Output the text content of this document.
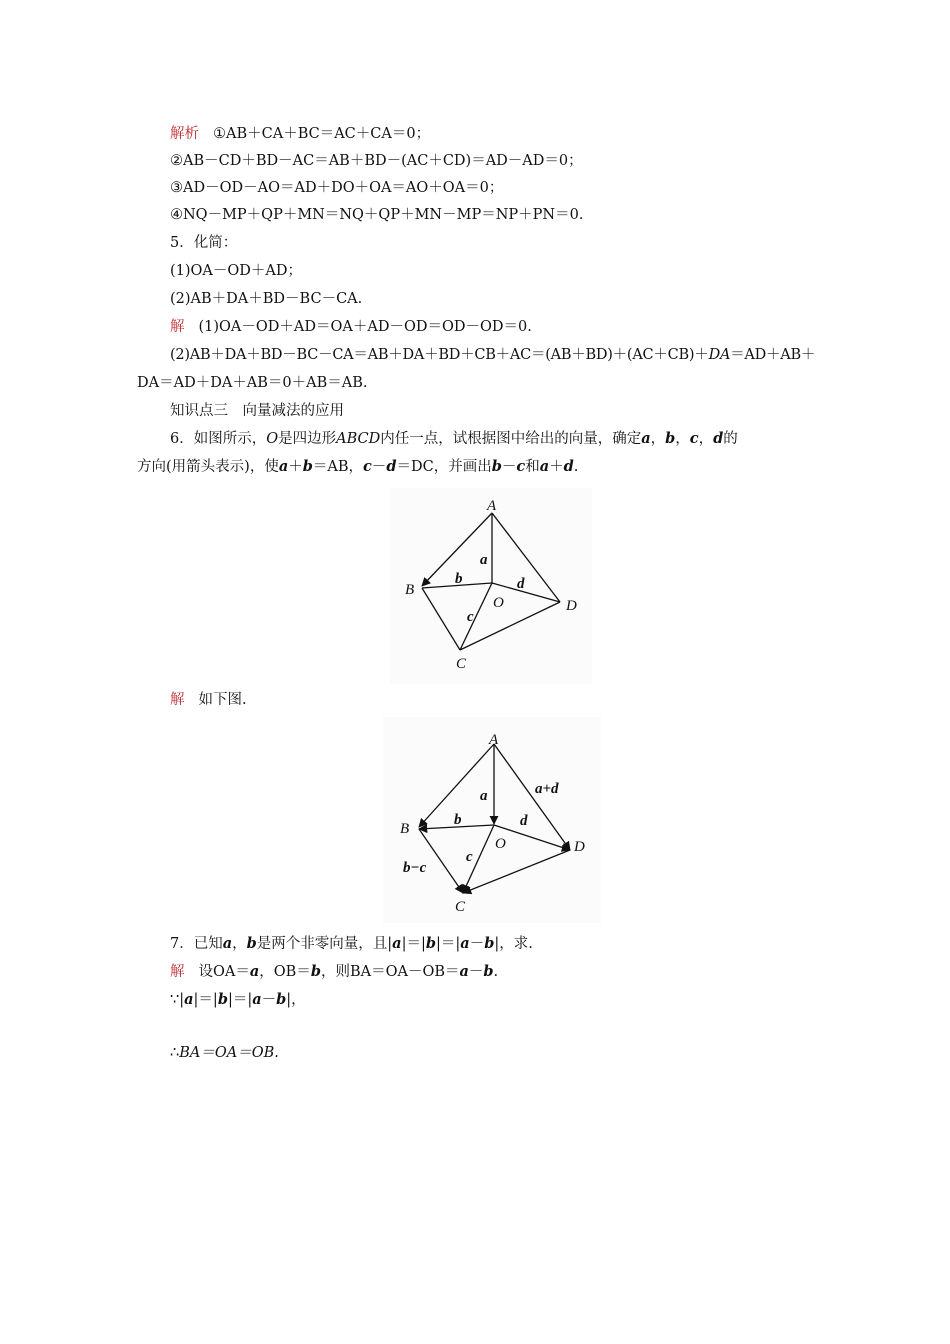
解析 ①AB＋CA＋BC＝AC＋CA＝0；
②AB－CD＋BD－AC＝AB＋BD－(AC＋CD)＝AD－AD＝0；
③AD－OD－AO＝AD＋DO＋OA＝AO＋OA＝0；
④NQ－MP＋QP＋MN＝NQ＋QP＋MN－MP＝NP＋PN＝0.
5．化简：
(1)OA－OD＋AD；
(2)AB＋DA＋BD－BC－CA.
解 (1)OA－OD＋AD＝OA＋AD－OD＝OD－OD＝0.
(2)AB＋DA＋BD－BC－CA＝AB＋DA＋BD＋CB＋AC＝(AB＋BD)＋(AC＋CB)＋DA＝AD＋AB＋
DA＝AD＋DA＋AB＝0＋AB＝AB.
知识点三　向量减法的应用
6．如图所示，O是四边形ABCD内任一点，试根据图中给出的向量，确定a，b，c，d的
方向(用箭头表示)，使a＋b＝AB，c－d＝DC，并画出b－c和a＋d.
A
B
C
D
O
a
b
c
d
解 如下图.
A
B
C
D
O
a
b
c
d
a+d
b−c
7．已知a，b是两个非零向量，且|a|＝|b|＝|a－b|，求.
解 设OA＝a，OB＝b，则BA＝OA－OB＝a－b.
∵|a|＝|b|＝|a－b|，
∴BA＝OA＝OB.
